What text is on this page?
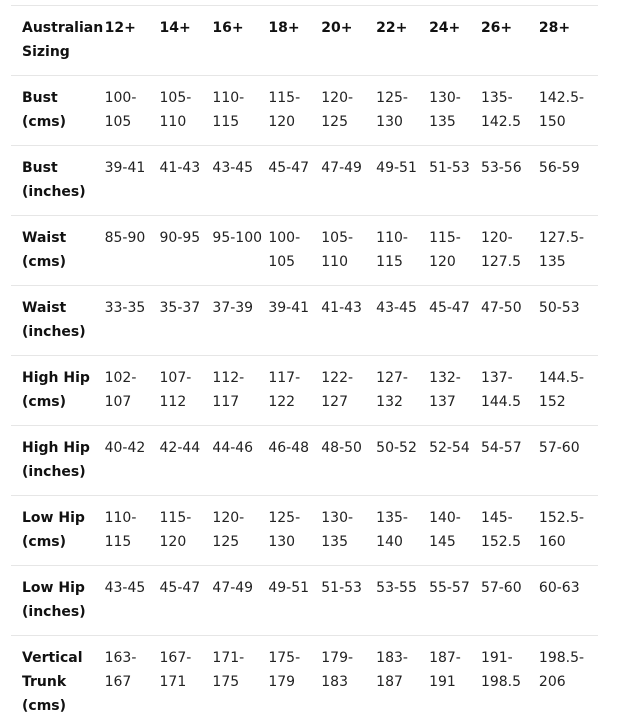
Australian Sizing	12+	14+	16+	18+	20+	22+	24+	26+	28+
Bust (cms)	100-105	105-110	110-115	115-120	120-125	125-130	130-135	135-142.5	142.5-150
Bust (inches)	39-41	41-43	43-45	45-47	47-49	49-51	51-53	53-56	56-59
Waist (cms)	85-90	90-95	95-100	100-105	105-110	110-115	115-120	120-127.5	127.5-135
Waist (inches)	33-35	35-37	37-39	39-41	41-43	43-45	45-47	47-50	50-53
High Hip (cms)	102-107	107-112	112-117	117-122	122-127	127-132	132-137	137-144.5	144.5-152
High Hip (inches)	40-42	42-44	44-46	46-48	48-50	50-52	52-54	54-57	57-60
Low Hip (cms)	110-115	115-120	120-125	125-130	130-135	135-140	140-145	145-152.5	152.5-160
Low Hip (inches)	43-45	45-47	47-49	49-51	51-53	53-55	55-57	57-60	60-63
Vertical Trunk (cms)	163-167	167-171	171-175	175-179	179-183	183-187	187-191	191-198.5	198.5-206
